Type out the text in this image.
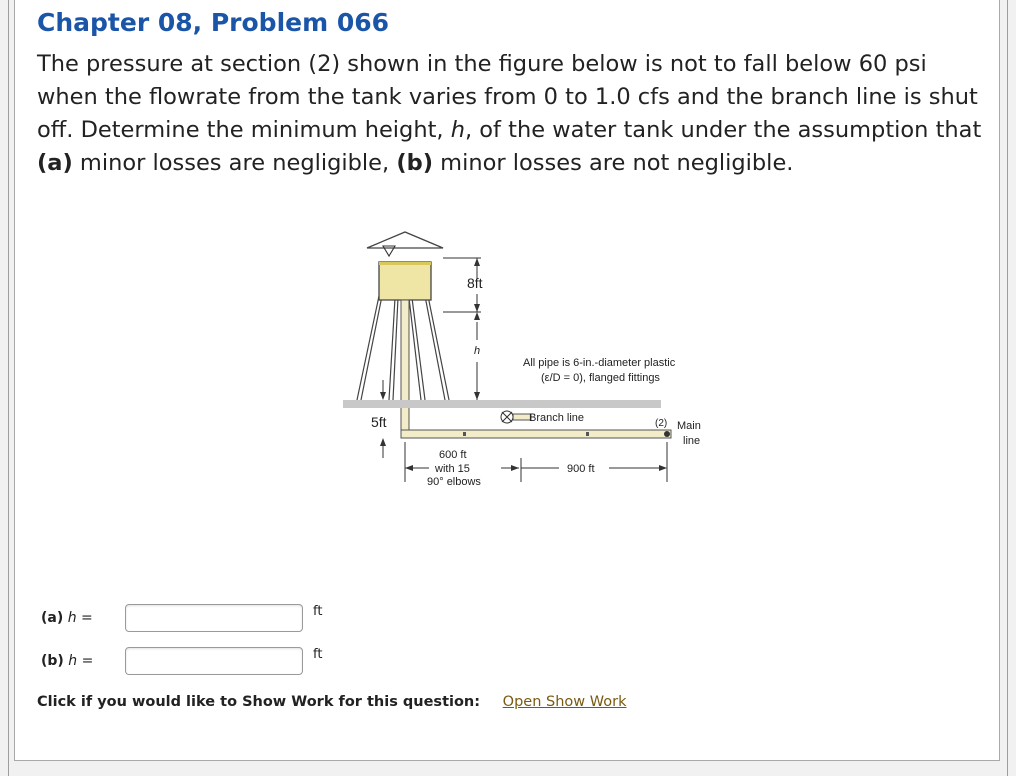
Chapter 08, Problem 066

The pressure at section (2) shown in the figure below is not to fall below 60 psi when the flowrate from the tank varies from 0 to 1.0 cfs and the branch line is shut off. Determine the minimum height, h, of the water tank under the assumption that (a) minor losses are negligible, (b) minor losses are not negligible.

8ft
h
5ft
All pipe is 6-in.-diameter plastic
(ε/D = 0), flanged fittings
Branch line	(2) Main
line
600 ft
with 15
90° elbows
900 ft
(a) h =	ft
(b) h =	ft
Click if you would like to Show Work for this question: Open Show Work
